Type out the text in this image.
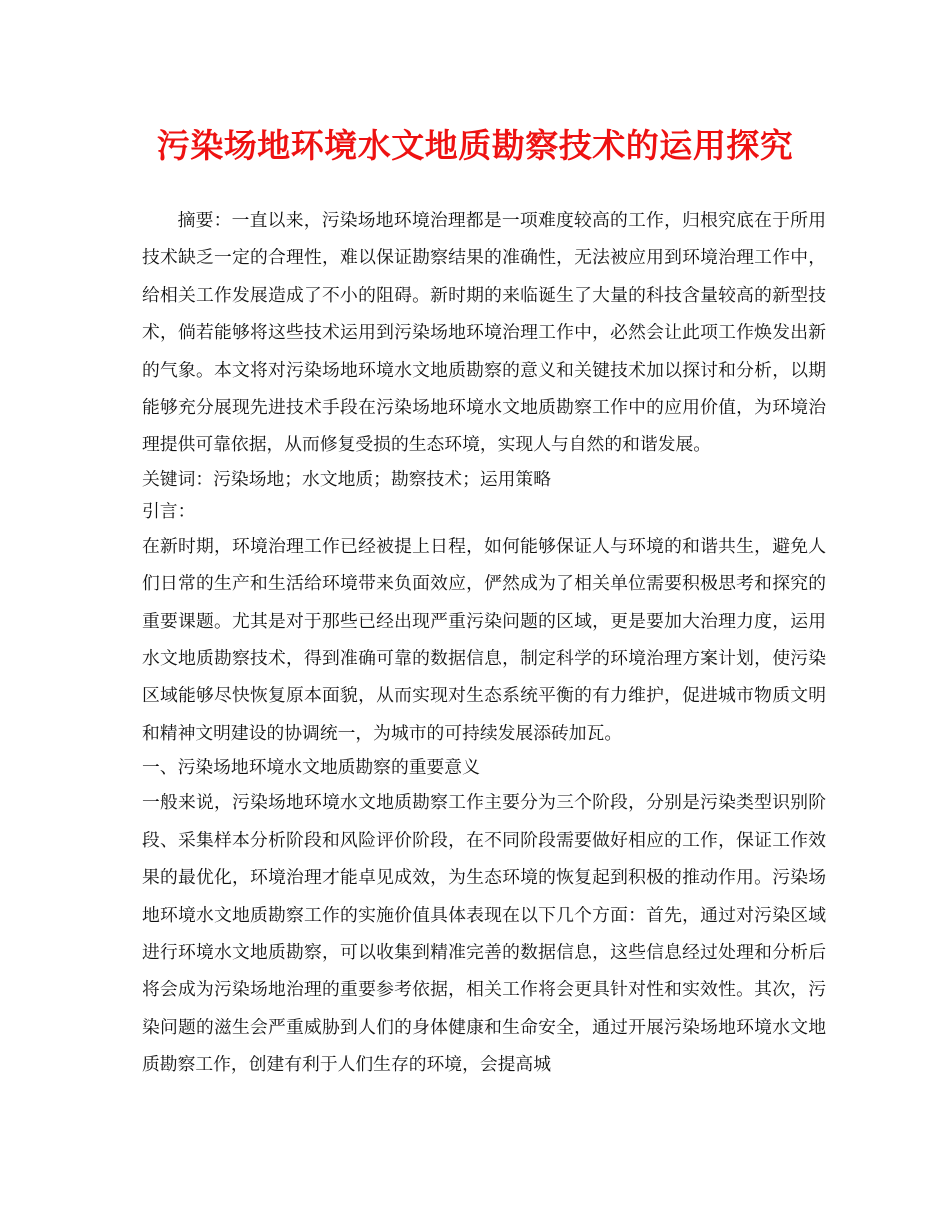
污染场地环境水文地质勘察技术的运用探究

摘要：一直以来，污染场地环境治理都是一项难度较高的工作，归根究底在于所用技术缺乏一定的合理性，难以保证勘察结果的准确性，无法被应用到环境治理工作中，给相关工作发展造成了不小的阻碍。新时期的来临诞生了大量的科技含量较高的新型技术，倘若能够将这些技术运用到污染场地环境治理工作中，必然会让此项工作焕发出新的气象。本文将对污染场地环境水文地质勘察的意义和关键技术加以探讨和分析，以期能够充分展现先进技术手段在污染场地环境水文地质勘察工作中的应用价值，为环境治理提供可靠依据，从而修复受损的生态环境，实现人与自然的和谐发展。

关键词：污染场地；水文地质；勘察技术；运用策略

引言：

在新时期，环境治理工作已经被提上日程，如何能够保证人与环境的和谐共生，避免人们日常的生产和生活给环境带来负面效应，俨然成为了相关单位需要积极思考和探究的重要课题。尤其是对于那些已经出现严重污染问题的区域，更是要加大治理力度，运用水文地质勘察技术，得到准确可靠的数据信息，制定科学的环境治理方案计划，使污染区域能够尽快恢复原本面貌，从而实现对生态系统平衡的有力维护，促进城市物质文明和精神文明建设的协调统一，为城市的可持续发展添砖加瓦。

一、污染场地环境水文地质勘察的重要意义

一般来说，污染场地环境水文地质勘察工作主要分为三个阶段，分别是污染类型识别阶段、采集样本分析阶段和风险评价阶段，在不同阶段需要做好相应的工作，保证工作效果的最优化，环境治理才能卓见成效，为生态环境的恢复起到积极的推动作用。污染场地环境水文地质勘察工作的实施价值具体表现在以下几个方面：首先，通过对污染区域进行环境水文地质勘察，可以收集到精准完善的数据信息，这些信息经过处理和分析后将会成为污染场地治理的重要参考依据，相关工作将会更具针对性和实效性。其次，污染问题的滋生会严重威胁到人们的身体健康和生命安全，通过开展污染场地环境水文地质勘察工作，创建有利于人们生存的环境，会提高城
